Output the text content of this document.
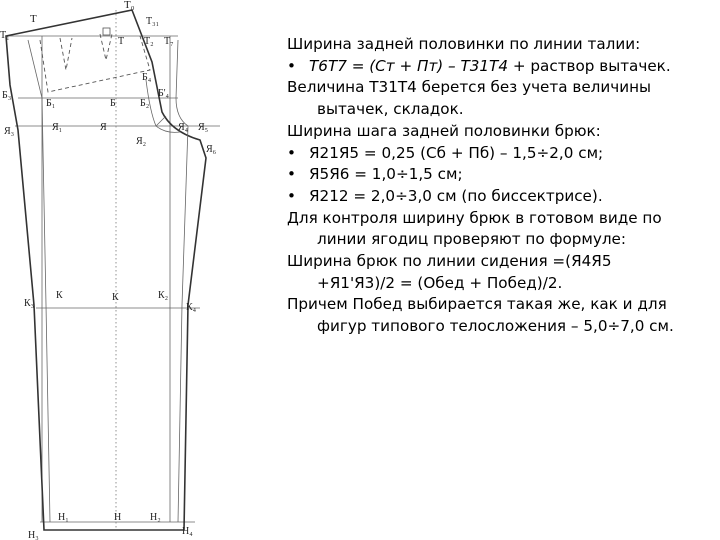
Т
Т₀
Т₃₁
Т₁
Т₂ Т₇
Т
Б₄
Б'₄
Б₃
Б₁	Б Б₂
Я₃	Я₁	Я
Я₂
Я₄ Я₅
Я₆
К₃
К	К	К₂
К₄
Н₁	Н	Н₂
Н₃	Н₄

Ширина задней половинки по линии талии:

• Т6Т7 = (Ст + Пт) – Т31Т4 + раствор вытачек.

Величина Т31Т4 берется без учета величины вытачек, складок.

Ширина шага задней половинки брюк:

• Я21Я5 = 0,25 (Сб + Пб) – 1,5÷2,0 см;

• Я5Я6 = 1,0÷1,5 см;

• Я212 = 2,0÷3,0 см (по биссектрисе).

Для контроля ширину брюк в готовом виде по линии ягодиц проверяют по формуле:

Ширина брюк по линии сидения =(Я4Я5 +Я1'Я3)/2 = (Обед + Побед)/2.

Причем Побед выбирается такая же, как и для фигур типового телосложения – 5,0÷7,0 см.
